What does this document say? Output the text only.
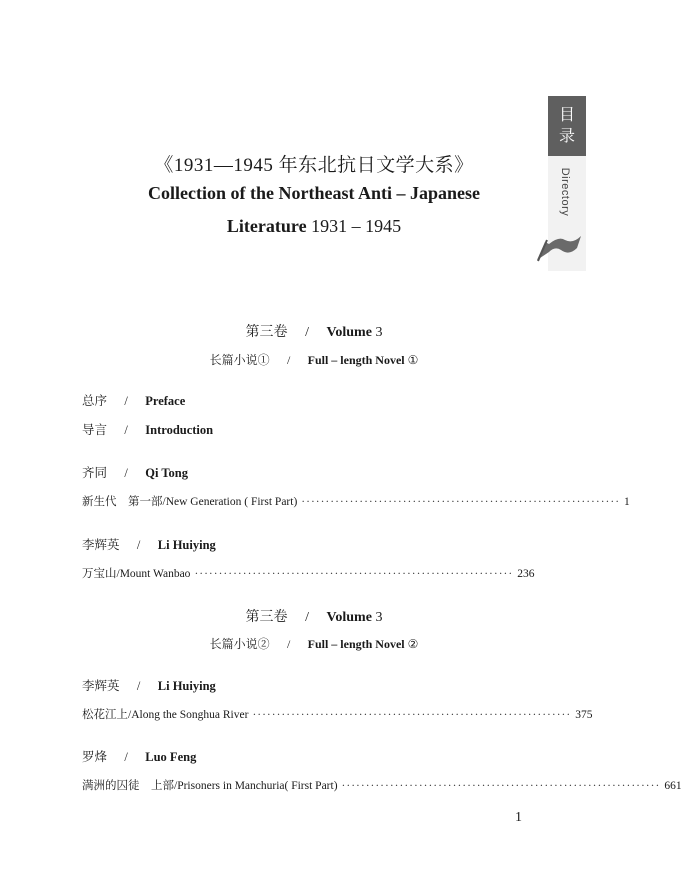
《1931—1945 年东北抗日文学大系》
Collection of the Northeast Anti – Japanese
Literature 1931 – 1945
目
录
Directory
第三卷 / Volume 3
长篇小说① / Full – length Novel ①
总序 / Preface
导言 / Introduction
齐同 / Qi Tong
新生代　第一部 / New Generation ( First Part) ·································································· 1
李辉英 / Li Huiying
万宝山 / Mount Wanbao ·································································· 236
第三卷 / Volume 3
长篇小说② / Full – length Novel ②
李辉英 / Li Huiying
松花江上 / Along the Songhua River ·································································· 375
罗烽 / Luo Feng
满洲的囚徒　上部 / Prisoners in Manchuria( First Part) ·································································· 661
1
